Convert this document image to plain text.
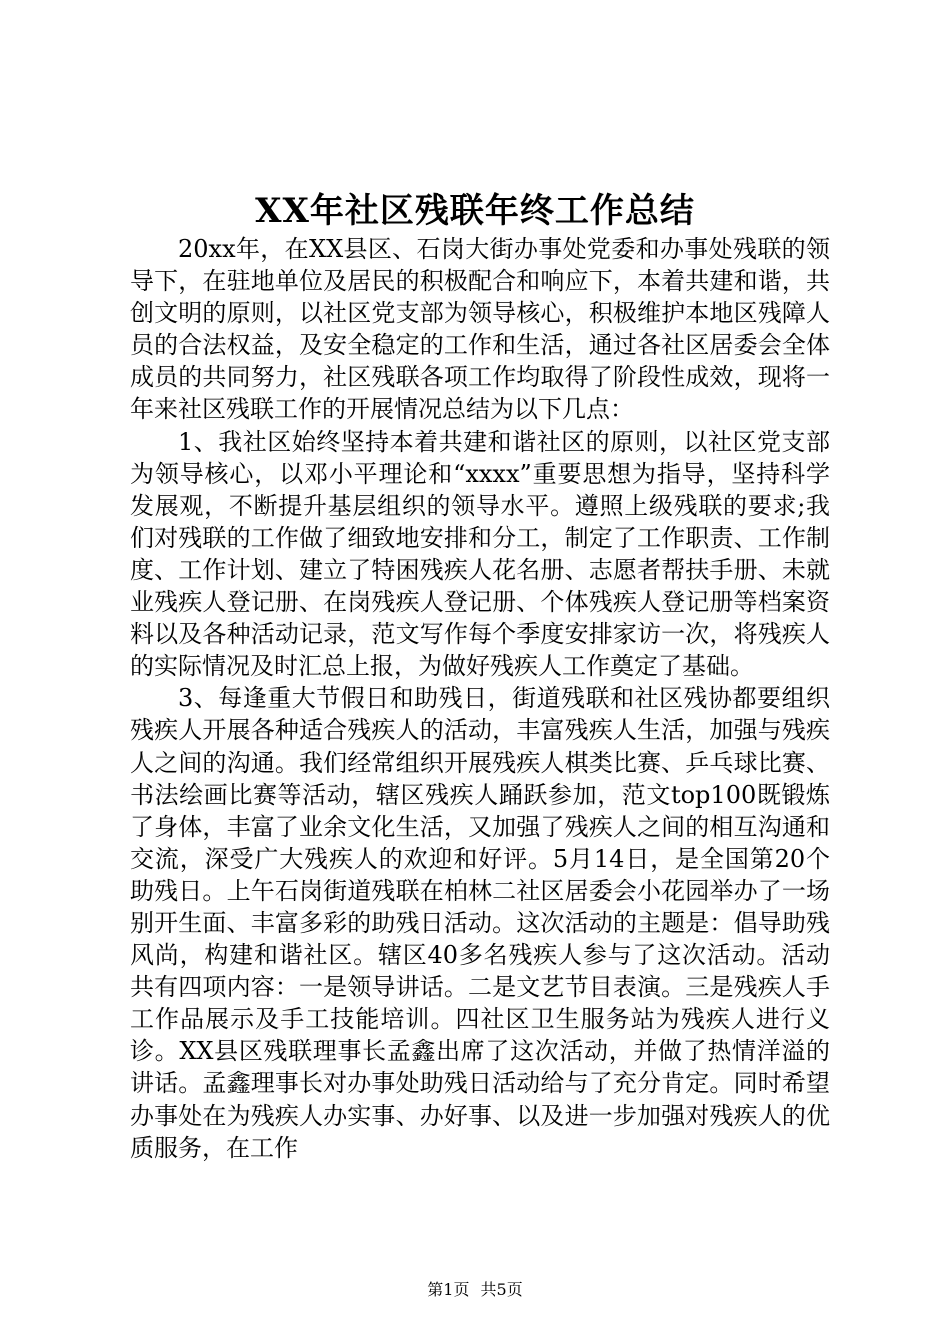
XX年社区残联年终工作总结

20xx年，在XX县区、石岗大街办事处党委和办事处残联的领导下，在驻地单位及居民的积极配合和响应下，本着共建和谐，共创文明的原则，以社区党支部为领导核心，积极维护本地区残障人员的合法权益，及安全稳定的工作和生活，通过各社区居委会全体成员的共同努力，社区残联各项工作均取得了阶段性成效，现将一年来社区残联工作的开展情况总结为以下几点：

1、我社区始终坚持本着共建和谐社区的原则，以社区党支部为领导核心，以邓小平理论和“xxxx”重要思想为指导，坚持科学发展观，不断提升基层组织的领导水平。遵照上级残联的要求;我们对残联的工作做了细致地安排和分工，制定了工作职责、工作制度、工作计划、建立了特困残疾人花名册、志愿者帮扶手册、未就业残疾人登记册、在岗残疾人登记册、个体残疾人登记册等档案资料以及各种活动记录，范文写作每个季度安排家访一次，将残疾人的实际情况及时汇总上报，为做好残疾人工作奠定了基础。

3、每逢重大节假日和助残日，街道残联和社区残协都要组织残疾人开展各种适合残疾人的活动，丰富残疾人生活，加强与残疾人之间的沟通。我们经常组织开展残疾人棋类比赛、乒乓球比赛、书法绘画比赛等活动，辖区残疾人踊跃参加，范文top100既锻炼了身体，丰富了业余文化生活，又加强了残疾人之间的相互沟通和交流，深受广大残疾人的欢迎和好评。5月14日，是全国第20个助残日。上午石岗街道残联在柏林二社区居委会小花园举办了一场别开生面、丰富多彩的助残日活动。这次活动的主题是：倡导助残风尚，构建和谐社区。辖区40多名残疾人参与了这次活动。活动共有四项内容：一是领导讲话。二是文艺节目表演。三是残疾人手工作品展示及手工技能培训。四社区卫生服务站为残疾人进行义诊。XX县区残联理事长孟鑫出席了这次活动，并做了热情洋溢的讲话。孟鑫理事长对办事处助残日活动给与了充分肯定。同时希望办事处在为残疾人办实事、办好事、以及进一步加强对残疾人的优质服务，在工作

第1页 共5页
